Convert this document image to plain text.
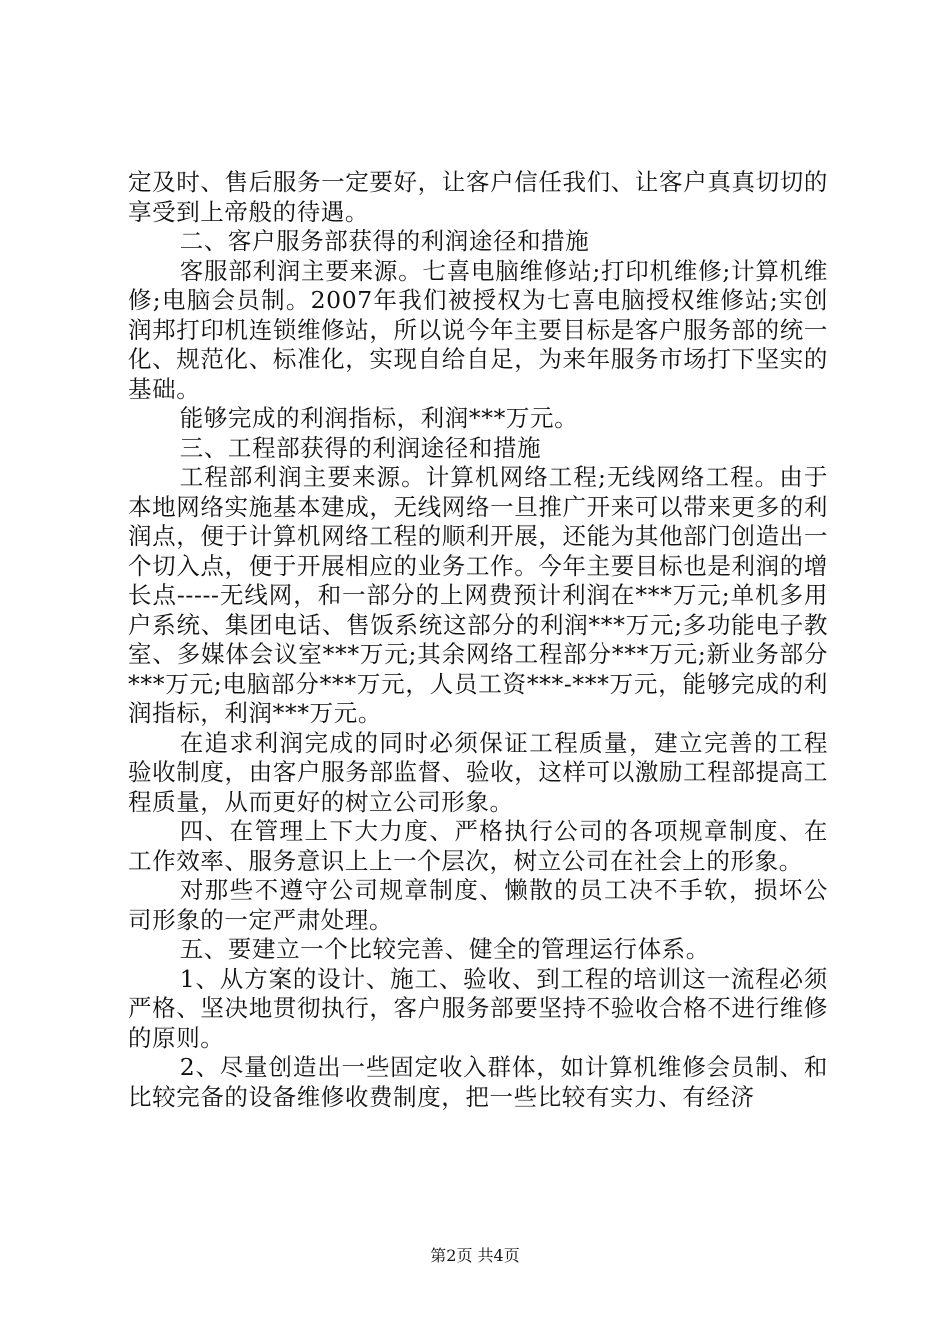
定及时、售后服务一定要好，让客户信任我们、让客户真真切切的享受到上帝般的待遇。

二、客户服务部获得的利润途径和措施

客服部利润主要来源。七喜电脑维修站;打印机维修;计算机维修;电脑会员制。2007年我们被授权为七喜电脑授权维修站;实创润邦打印机连锁维修站，所以说今年主要目标是客户服务部的统一化、规范化、标准化，实现自给自足，为来年服务市场打下坚实的基础。

能够完成的利润指标，利润***万元。

三、工程部获得的利润途径和措施

工程部利润主要来源。计算机网络工程;无线网络工程。由于本地网络实施基本建成，无线网络一旦推广开来可以带来更多的利润点，便于计算机网络工程的顺利开展，还能为其他部门创造出一个切入点，便于开展相应的业务工作。今年主要目标也是利润的增长点-----无线网，和一部分的上网费预计利润在***万元;单机多用户系统、集团电话、售饭系统这部分的利润***万元;多功能电子教室、多媒体会议室***万元;其余网络工程部分***万元;新业务部分***万元;电脑部分***万元，人员工资***-***万元，能够完成的利润指标，利润***万元。

在追求利润完成的同时必须保证工程质量，建立完善的工程验收制度，由客户服务部监督、验收，这样可以激励工程部提高工程质量，从而更好的树立公司形象。

四、在管理上下大力度、严格执行公司的各项规章制度、在工作效率、服务意识上上一个层次，树立公司在社会上的形象。

对那些不遵守公司规章制度、懒散的员工决不手软，损坏公司形象的一定严肃处理。

五、要建立一个比较完善、健全的管理运行体系。

1、从方案的设计、施工、验收、到工程的培训这一流程必须严格、坚决地贯彻执行，客户服务部要坚持不验收合格不进行维修的原则。

2、尽量创造出一些固定收入群体，如计算机维修会员制、和比较完备的设备维修收费制度，把一些比较有实力、有经济

第2页 共4页
